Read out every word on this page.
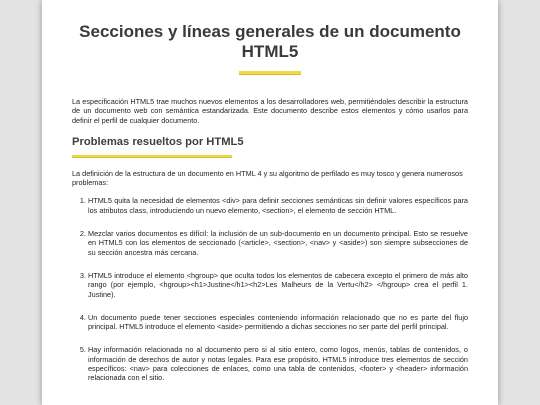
Secciones y líneas generales de un documento HTML5

La especificación HTML5 trae muchos nuevos elementos a los desarrolladores web, permitiéndoles describir la estructura de un documento web con semántica estandarizada. Este documento describe estos elementos y cómo usarlos para definir el perfil de cualquier documento.

Problemas resueltos por HTML5

La definición de la estructura de un documento en HTML 4 y su algoritmo de perfilado es muy tosco y genera numerosos problemas:

1. HTML5 quita la necesidad de elementos <div> para definir secciones semánticas sin definir valores específicos para los atributos class, introduciendo un nuevo elemento, <section>, el elemento de sección HTML.
2. Mezclar varios documentos es difícil: la inclusión de un sub-documento en un documento principal. Esto se resuelve en HTML5 con los elementos de seccionado (<article>, <section>, <nav> y <aside>) son siempre subsecciones de su sección ancestra más cercana.
3. HTML5 introduce el elemento <hgroup> que oculta todos los elementos de cabecera excepto el primero de más alto rango (por ejemplo, <hgroup><h1>Justine</h1><h2>Les Malheurs de la Vertu</h2> </hgroup> crea el perfil 1. Justine).
4. Un documento puede tener secciones especiales conteniendo información relacionado que no es parte del flujo principal. HTML5 introduce el elemento <aside> permitiendo a dichas secciones no ser parte del perfil principal.
5. Hay información relacionada no al documento pero si al sitio entero, como logos, menús, tablas de contenidos, o información de derechos de autor y notas legales. Para ese propósito, HTML5 introduce tres elementos de sección específicos: <nav> para colecciones de enlaces, como una tabla de contenidos, <footer> y <header> información relacionada con el sitio.
